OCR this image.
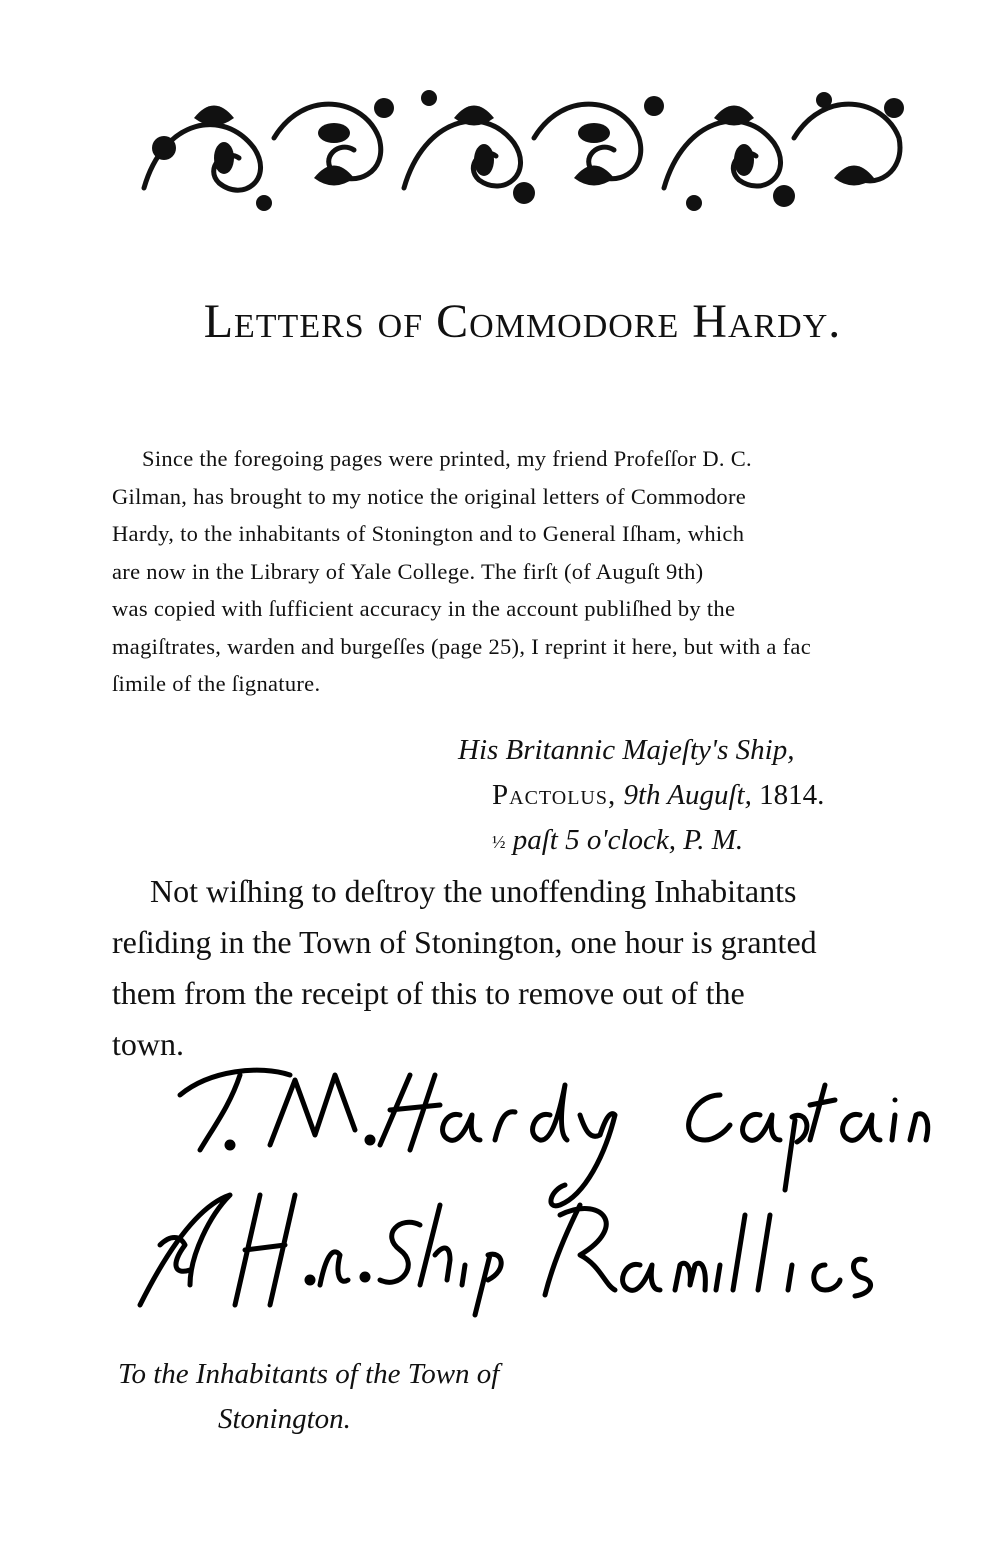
Letters of Commodore Hardy.
Since the foregoing pages were printed, my friend Profeſſor D. C.
Gilman, has brought to my notice the original letters of Commodore
Hardy, to the inhabitants of Stonington and to General Iſham, which
are now in the Library of Yale College. The firſt (of Auguſt 9th)
was copied with ſufficient accuracy in the account publiſhed by the
magiſtrates, warden and burgeſſes (page 25), I reprint it here, but with a fac
ſimile of the ſignature.
His Britannic Majeſty's Ship,
Pactolus, 9th Auguſt, 1814.
½ paſt 5 o'clock, P. M.
Not wiſhing to deſtroy the unoffending Inhabitants
reſiding in the Town of Stonington, one hour is granted
them from the receipt of this to remove out of the
town.
To the Inhabitants of the Town of
Stonington.
